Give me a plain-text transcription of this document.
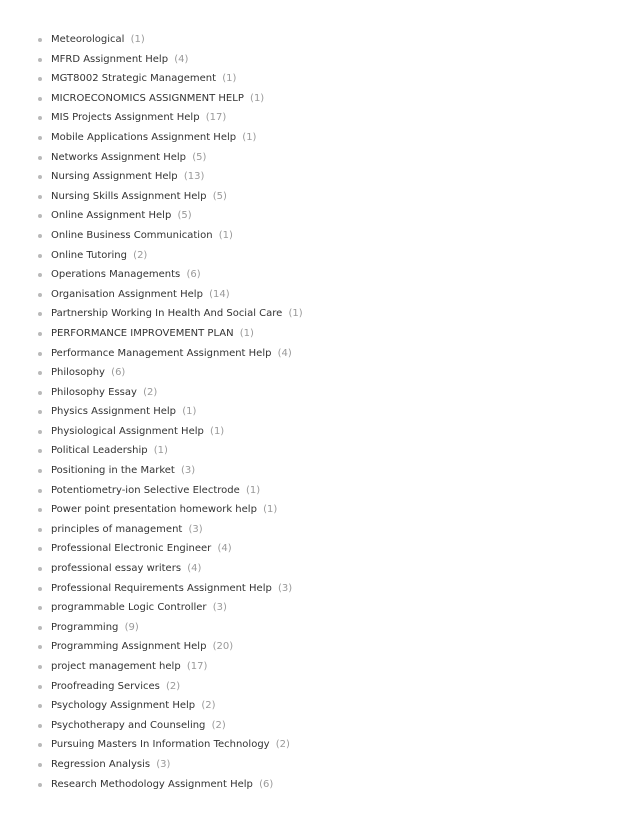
Meteorological (1)
MFRD Assignment Help (4)
MGT8002 Strategic Management (1)
MICROECONOMICS ASSIGNMENT HELP (1)
MIS Projects Assignment Help (17)
Mobile Applications Assignment Help (1)
Networks Assignment Help (5)
Nursing Assignment Help (13)
Nursing Skills Assignment Help (5)
Online Assignment Help (5)
Online Business Communication (1)
Online Tutoring (2)
Operations Managements (6)
Organisation Assignment Help (14)
Partnership Working In Health And Social Care (1)
PERFORMANCE IMPROVEMENT PLAN (1)
Performance Management Assignment Help (4)
Philosophy (6)
Philosophy Essay (2)
Physics Assignment Help (1)
Physiological Assignment Help (1)
Political Leadership (1)
Positioning in the Market (3)
Potentiometry-ion Selective Electrode (1)
Power point presentation homework help (1)
principles of management (3)
Professional Electronic Engineer (4)
professional essay writers (4)
Professional Requirements Assignment Help (3)
programmable Logic Controller (3)
Programming (9)
Programming Assignment Help (20)
project management help (17)
Proofreading Services (2)
Psychology Assignment Help (2)
Psychotherapy and Counseling (2)
Pursuing Masters In Information Technology (2)
Regression Analysis (3)
Research Methodology Assignment Help (6)
